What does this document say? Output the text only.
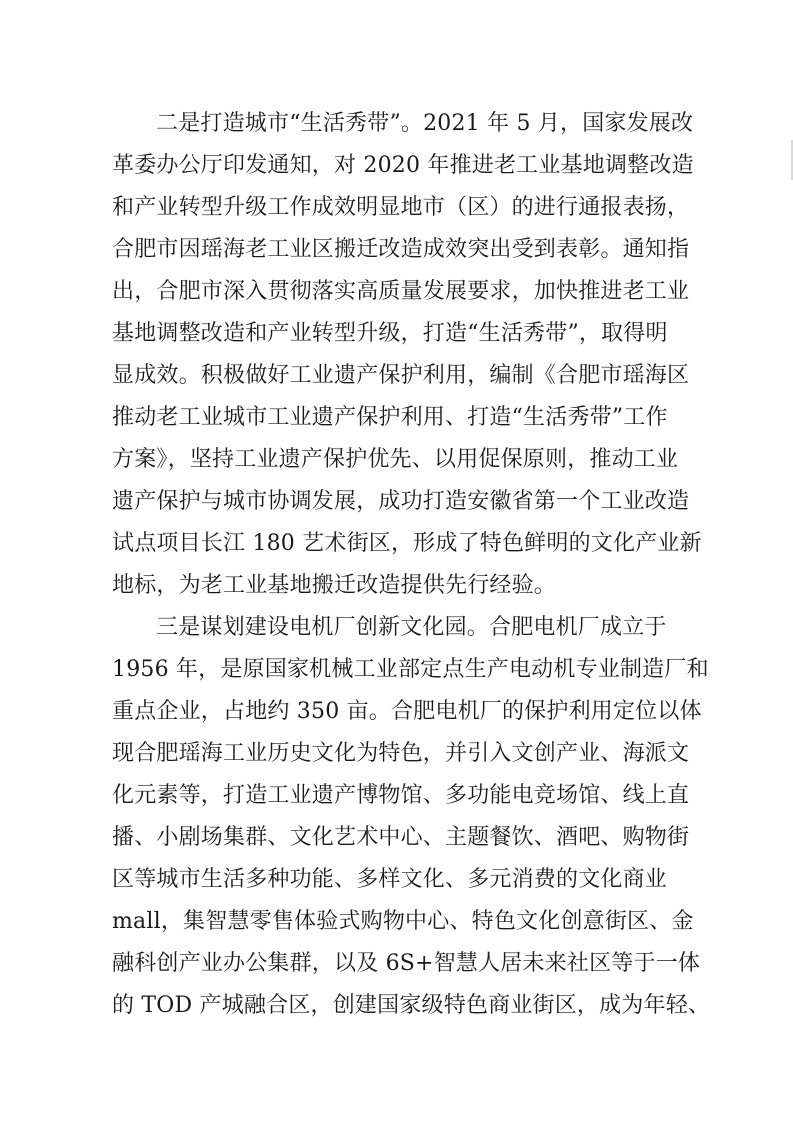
二是打造城市“生活秀带”。2021 年 5 月，国家发展改
革委办公厅印发通知，对 2020 年推进老工业基地调整改造
和产业转型升级工作成效明显地市（区）的进行通报表扬，
合肥市因瑶海老工业区搬迁改造成效突出受到表彰。通知指
出，合肥市深入贯彻落实高质量发展要求，加快推进老工业
基地调整改造和产业转型升级，打造“生活秀带”，取得明
显成效。积极做好工业遗产保护利用，编制《合肥市瑶海区
推动老工业城市工业遗产保护利用、打造“生活秀带”工作
方案》，坚持工业遗产保护优先、以用促保原则，推动工业
遗产保护与城市协调发展，成功打造安徽省第一个工业改造
试点项目长江 180 艺术街区，形成了特色鲜明的文化产业新
地标，为老工业基地搬迁改造提供先行经验。
三是谋划建设电机厂创新文化园。合肥电机厂成立于
1956 年，是原国家机械工业部定点生产电动机专业制造厂和
重点企业，占地约 350 亩。合肥电机厂的保护利用定位以体
现合肥瑶海工业历史文化为特色，并引入文创产业、海派文
化元素等，打造工业遗产博物馆、多功能电竞场馆、线上直
播、小剧场集群、文化艺术中心、主题餐饮、酒吧、购物街
区等城市生活多种功能、多样文化、多元消费的文化商业
mall，集智慧零售体验式购物中心、特色文化创意街区、金
融科创产业办公集群，以及 6S+智慧人居未来社区等于一体
的 TOD 产城融合区，创建国家级特色商业街区，成为年轻、
